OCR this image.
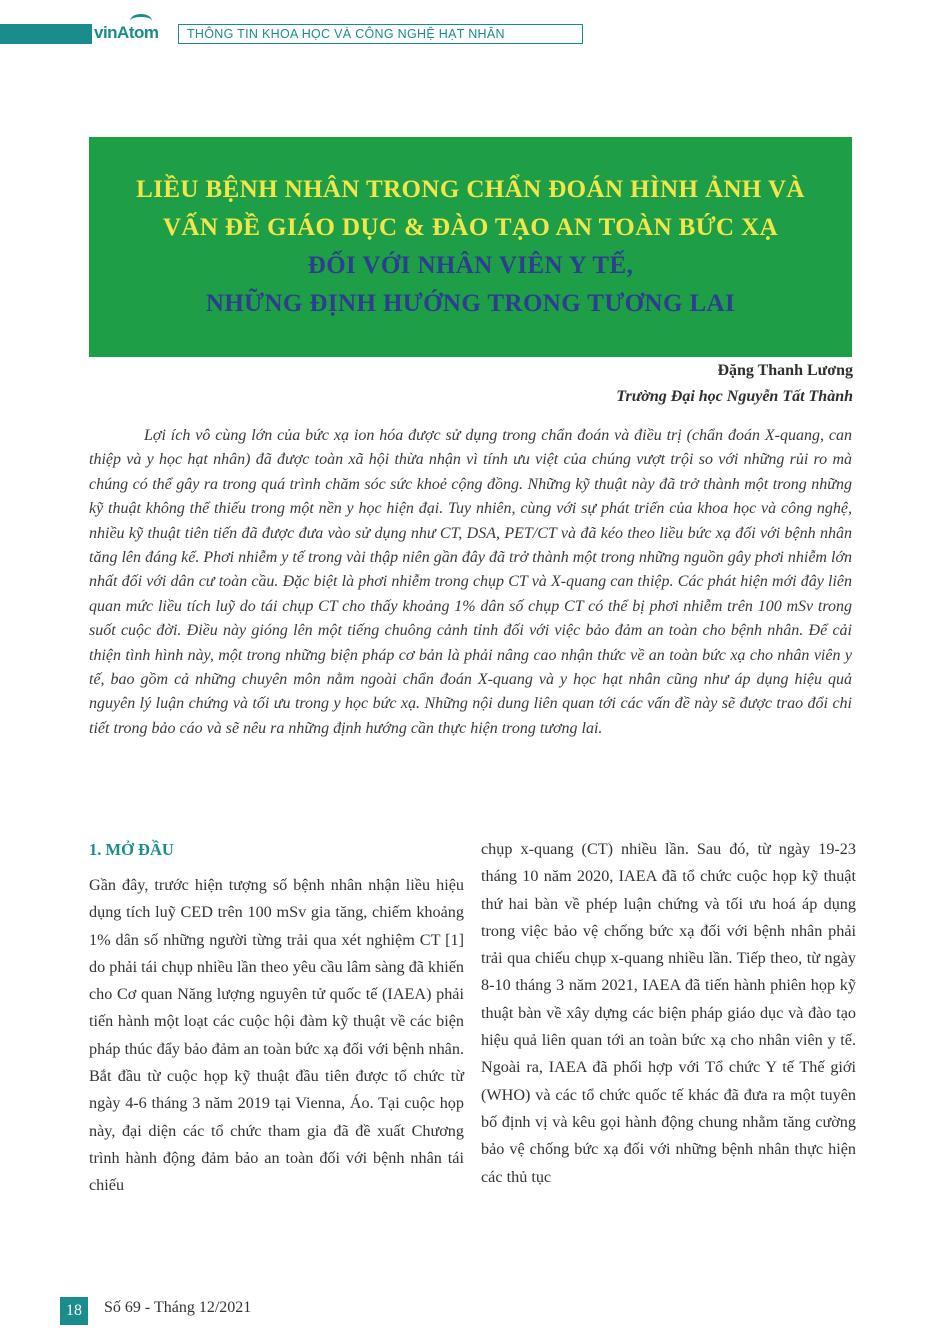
vinAtom	THÔNG TIN KHOA HỌC VÀ CÔNG NGHỆ HẠT NHÂN
LIỀU BỆNH NHÂN TRONG CHẨN ĐOÁN HÌNH ẢNH VÀ
VẤN ĐỀ GIÁO DỤC & ĐÀO TẠO AN TOÀN BỨC XẠ
ĐỐI VỚI NHÂN VIÊN Y TẾ,
NHỮNG ĐỊNH HƯỚNG TRONG TƯƠNG LAI
Đặng Thanh Lương
Trường Đại học Nguyễn Tất Thành

Lợi ích vô cùng lớn của bức xạ ion hóa được sử dụng trong chẩn đoán và điều trị (chẩn đoán X-quang, can thiệp và y học hạt nhân) đã được toàn xã hội thừa nhận vì tính ưu việt của chúng vượt trội so với những rủi ro mà chúng có thể gây ra trong quá trình chăm sóc sức khoẻ cộng đồng. Những kỹ thuật này đã trở thành một trong những kỹ thuật không thể thiếu trong một nền y học hiện đại. Tuy nhiên, cùng với sự phát triển của khoa học và công nghệ, nhiều kỹ thuật tiên tiến đã được đưa vào sử dụng như CT, DSA, PET/CT và đã kéo theo liều bức xạ đối với bệnh nhân tăng lên đáng kể. Phơi nhiễm y tế trong vài thập niên gần đây đã trở thành một trong những nguồn gây phơi nhiễm lớn nhất đối với dân cư toàn cầu. Đặc biệt là phơi nhiễm trong chụp CT và X-quang can thiệp. Các phát hiện mới đây liên quan mức liều tích luỹ do tái chụp CT cho thấy khoảng 1% dân số chụp CT có thể bị phơi nhiễm trên 100 mSv trong suốt cuộc đời. Điều này gióng lên một tiếng chuông cảnh tỉnh đối với việc bảo đảm an toàn cho bệnh nhân. Để cải thiện tình hình này, một trong những biện pháp cơ bản là phải nâng cao nhận thức về an toàn bức xạ cho nhân viên y tế, bao gồm cả những chuyên môn nằm ngoài chẩn đoán X-quang và y học hạt nhân cũng như áp dụng hiệu quả nguyên lý luận chứng và tối ưu trong y học bức xạ. Những nội dung liên quan tới các vấn đề này sẽ được trao đổi chi tiết trong bảo cáo và sẽ nêu ra những định hướng cần thực hiện trong tương lai.

1. MỞ ĐẦU

Gần đây, trước hiện tượng số bệnh nhân nhận liều hiệu dụng tích luỹ CED trên 100 mSv gia tăng, chiếm khoảng 1% dân số những người từng trải qua xét nghiệm CT [1] do phải tái chụp nhiều lần theo yêu cầu lâm sàng đã khiến cho Cơ quan Năng lượng nguyên tử quốc tế (IAEA) phải tiến hành một loạt các cuộc hội đàm kỹ thuật về các biện pháp thúc đẩy bảo đảm an toàn bức xạ đối với bệnh nhân. Bắt đầu từ cuộc họp kỹ thuật đầu tiên được tổ chức từ ngày 4-6 tháng 3 năm 2019 tại Vienna, Áo. Tại cuộc họp này, đại diện các tổ chức tham gia đã đề xuất Chương trình hành động đảm bảo an toàn đối với bệnh nhân tái chiếu

chụp x-quang (CT) nhiều lần. Sau đó, từ ngày 19-23 tháng 10 năm 2020, IAEA đã tổ chức cuộc họp kỹ thuật thứ hai bàn về phép luận chứng và tối ưu hoá áp dụng trong việc bảo vệ chống bức xạ đối với bệnh nhân phải trải qua chiếu chụp x-quang nhiều lần. Tiếp theo, từ ngày 8-10 tháng 3 năm 2021, IAEA đã tiến hành phiên họp kỹ thuật bàn về xây dựng các biện pháp giáo dục và đào tạo hiệu quả liên quan tới an toàn bức xạ cho nhân viên y tế. Ngoài ra, IAEA đã phối hợp với Tổ chức Y tế Thế giới (WHO) và các tổ chức quốc tế khác đã đưa ra một tuyên bố định vị và kêu gọi hành động chung nhằm tăng cường bảo vệ chống bức xạ đối với những bệnh nhân thực hiện các thủ tục

18	Số 69 - Tháng 12/2021
